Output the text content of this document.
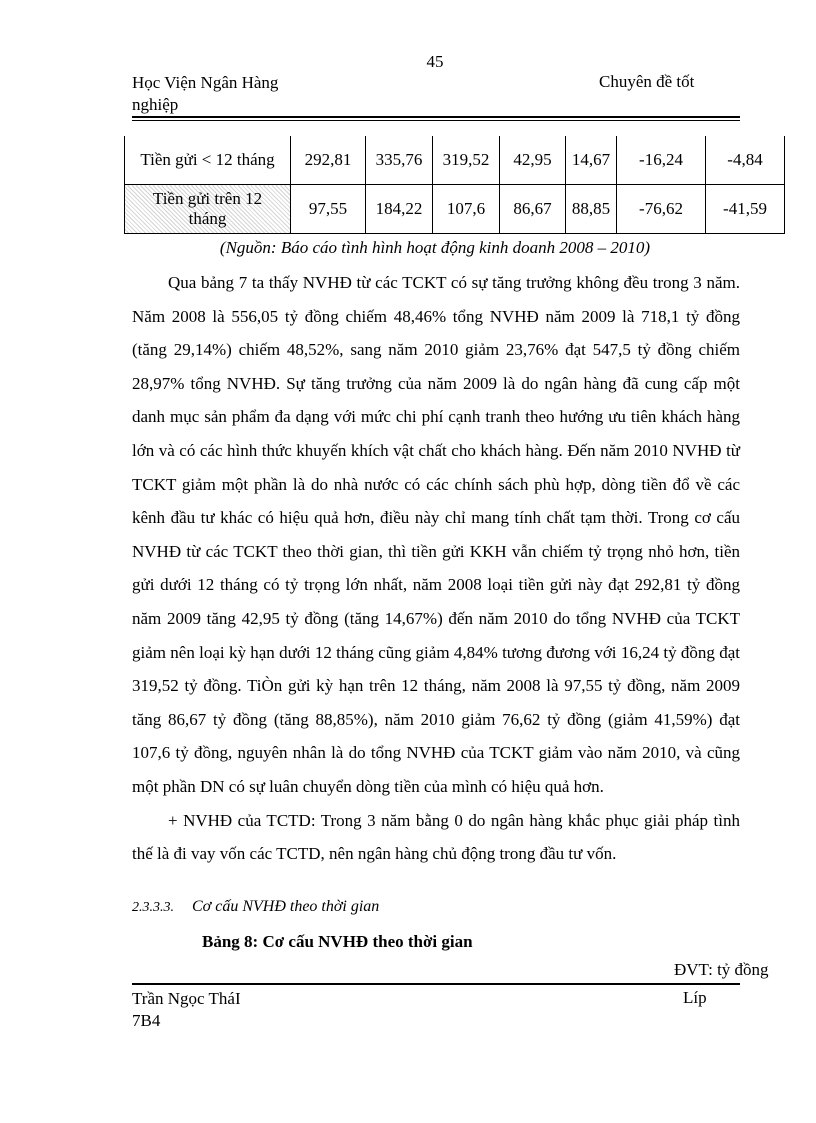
45
Học Viện Ngân Hàng
nghiệp
Chuyên đề tốt
Tiền gửi < 12 tháng	292,81	335,76	319,52	42,95	14,67	-16,24	-4,84

Tiền gửi trên 12
tháng	97,55	184,22	107,6	86,67	88,85	-76,62	-41,59
(Nguồn: Báo cáo tình hình hoạt động kinh doanh 2008 – 2010)

Qua bảng 7 ta thấy NVHĐ từ các TCKT có sự tăng trưởng không đều trong 3 năm. Năm 2008 là 556,05 tỷ đồng chiếm 48,46% tổng NVHĐ năm 2009 là 718,1 tỷ đồng (tăng 29,14%) chiếm 48,52%, sang năm 2010 giảm 23,76% đạt 547,5 tỷ đồng chiếm 28,97% tổng NVHĐ. Sự tăng trưởng của năm 2009 là do ngân hàng đã cung cấp một danh mục sản phẩm đa dạng với mức chi phí cạnh tranh theo hướng ưu tiên khách hàng lớn và có các hình thức khuyến khích vật chất cho khách hàng. Đến năm 2010 NVHĐ từ TCKT giảm một phần là do nhà nước có các chính sách phù hợp, dòng tiền đổ về các kênh đầu tư khác có hiệu quả hơn, điều này chỉ mang tính chất tạm thời. Trong cơ cấu NVHĐ từ các TCKT theo thời gian, thì tiền gửi KKH vẫn chiếm tỷ trọng nhỏ hơn, tiền gửi dưới 12 tháng có tỷ trọng lớn nhất, năm 2008 loại tiền gửi này đạt 292,81 tỷ đồng năm 2009 tăng 42,95 tỷ đồng (tăng 14,67%) đến năm 2010 do tổng NVHĐ của TCKT giảm nên loại kỳ hạn dưới 12 tháng cũng giảm 4,84% tương đương với 16,24 tỷ đồng đạt 319,52 tỷ đồng. TiÒn gửi kỳ hạn trên 12 tháng, năm 2008 là 97,55 tỷ đồng, năm 2009 tăng 86,67 tỷ đồng (tăng 88,85%), năm 2010 giảm 76,62 tỷ đồng (giảm 41,59%) đạt 107,6 tỷ đồng, nguyên nhân là do tổng NVHĐ của TCKT giảm vào năm 2010, và cũng một phần DN có sự luân chuyển dòng tiền của mình có hiệu quả hơn.

+ NVHĐ của TCTD: Trong 3 năm bằng 0 do ngân hàng khắc phục giải pháp tình thế là đi vay vốn các TCTD, nên ngân hàng chủ động trong đầu tư vốn.

2.3.3.3. Cơ cấu NVHĐ theo thời gian
Bảng 8: Cơ cấu NVHĐ theo thời gian
ĐVT: tỷ đồng
Trần Ngọc TháI
7B4
Líp
